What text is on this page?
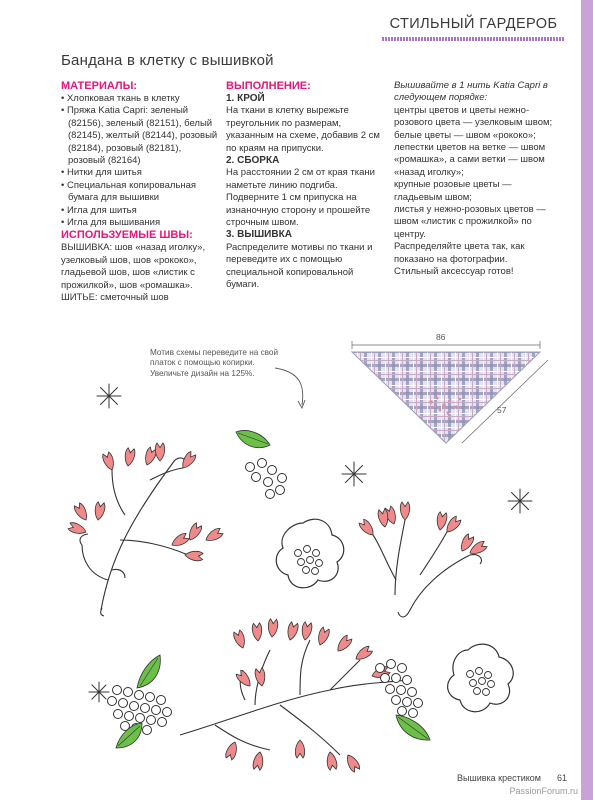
СТИЛЬНЫЙ ГАРДЕРОБ
Бандана в клетку с вышивкой
МАТЕРИАЛЫ:
• Хлопковая ткань в клетку
• Пряжа Katia Capri: зеленый (82156), зеленый (82151), белый (82145), желтый (82144), розовый (82184), розовый (82181), розовый (82164)
• Нитки для шитья
• Специальная копировальная бумага для вышивки
• Игла для шитья
• Игла для вышивания
ИСПОЛЬЗУЕМЫЕ ШВЫ:

ВЫШИВКА: шов «назад иголку», узелковый шов, шов «рококо», гладьевой шов, шов «листик с прожилкой», шов «ромашка».

ШИТЬЕ: сметочный шов

ВЫПОЛНЕНИЕ:
1. КРОЙ

На ткани в клетку вырежьте треугольник по размерам, указанным на схеме, добавив 2 см по краям на припуски.

2. СБОРКА

На расстоянии 2 см от края ткани наметьте линию подгиба. Подверните 1 см припуска на изнаночную сторону и прошейте строчным швом.

3. ВЫШИВКА

Распределите мотивы по ткани и переведите их с помощью специальной копировальной бумаги.

Вышивайте в 1 нить Katia Capri в следующем порядке:

центры цветов и цветы нежно-розового цвета — узелковым швом;

белые цветы — швом «рококо»;

лепестки цветов на ветке — швом «ромашка», а сами ветки — швом «назад иголку»;

крупные розовые цветы — гладьевым швом;

листья у нежно-розовых цветов — швом «листик с прожилкой» по центру.

Распределяйте цвета так, как показано на фотографии.

Стильный аксессуар готов!

Мотив схемы переведите на свой платок с помощью копирки. Увеличьте дизайн на 125%.
86
57
Вышивка крестиком 61
PassionForum.ru
